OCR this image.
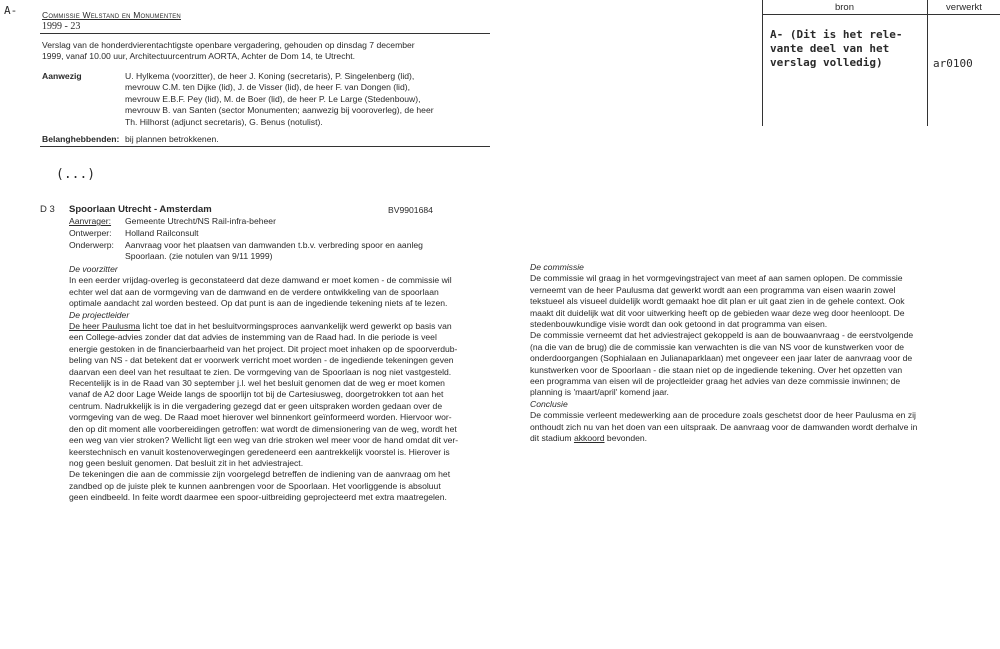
A-	Commissie Welstand en Monumenten
1999 - 23
Verslag van de honderdvierentachtigste openbare vergadering, gehouden op dinsdag 7 december
1999, vanaf 10.00 uur, Architectuurcentrum AORTA, Achter de Dom 14, te Utrecht.
Aanwezig	U. Hylkema (voorzitter), de heer J. Koning (secretaris), P. Singelenberg (lid),
mevrouw C.M. ten Dijke (lid), J. de Visser (lid), de heer F. van Dongen (lid),
mevrouw E.B.F. Pey (lid), M. de Boer (lid), de heer P. Le Large (Stedenbouw),
mevrouw B. van Santen (sector Monumenten; aanwezig bij vooroverleg), de heer
Th. Hilhorst (adjunct secretaris), G. Benus (notulist).
Belanghebbenden: bij plannen betrokkenen.
(...)
bron	verwerkt
A- (Dit is het rele-
vante deel van het
verslag volledig)	ar0100
D 3 Spoorlaan Utrecht - Amsterdam	BV9901684
Aanvrager: Gemeente Utrecht/NS Rail-infra-beheer
Ontwerper: Holland Railconsult
Onderwerp: Aanvraag voor het plaatsen van damwanden t.b.v. verbreding spoor en aanleg
Spoorlaan. (zie notulen van 9/11 1999)
De voorzitter
In een eerder vrijdag-overleg is geconstateerd dat deze damwand er moet komen - de commissie wil
echter wel dat aan de vormgeving van de damwand en de verdere ontwikkeling van de spoorlaan
optimale aandacht zal worden besteed. Op dat punt is aan de ingediende tekening niets af te lezen.
De projectleider
De heer Paulusma licht toe dat in het besluitvormingsproces aanvankelijk werd gewerkt op basis van
een College-advies zonder dat dat advies de instemming van de Raad had. In die periode is veel
energie gestoken in de financierbaarheid van het project. Dit project moet inhaken op de spoorverdub-
beling van NS - dat betekent dat er voorwerk verricht moet worden - de ingediende tekeningen geven
daarvan een deel van het resultaat te zien. De vormgeving van de Spoorlaan is nog niet vastgesteld.
Recentelijk is in de Raad van 30 september j.l. wel het besluit genomen dat de weg er moet komen
vanaf de A2 door Lage Weide langs de spoorlijn tot bij de Cartesiusweg, doorgetrokken tot aan het
centrum. Nadrukkelijk is in die vergadering gezegd dat er geen uitspraken worden gedaan over de
vormgeving van de weg. De Raad moet hierover wel binnenkort geïnformeerd worden. Hiervoor wor-
den op dit moment alle voorbereidingen getroffen: wat wordt de dimensionering van de weg, wordt het
een weg van vier stroken? Wellicht ligt een weg van drie stroken wel meer voor de hand omdat dit ver-
keerstechnisch en vanuit kostenoverwegingen geredeneerd een aantrekkelijk voorstel is. Hierover is
nog geen besluit genomen. Dat besluit zit in het adviestraject.
De tekeningen die aan de commissie zijn voorgelegd betreffen de indiening van de aanvraag om het
zandbed op de juiste plek te kunnen aanbrengen voor de Spoorlaan. Het voorliggende is absoluut
geen eindbeeld. In feite wordt daarmee een spoor-uitbreiding geprojecteerd met extra maatregelen.
De commissie
De commissie wil graag in het vormgevingstraject van meet af aan samen oplopen. De commissie
verneemt van de heer Paulusma dat gewerkt wordt aan een programma van eisen waarin zowel
tekstueel als visueel duidelijk wordt gemaakt hoe dit plan er uit gaat zien in de gehele context. Ook
maakt dit duidelijk wat dit voor uitwerking heeft op de gebieden waar deze weg door heenloopt. De
stedenbouwkundige visie wordt dan ook getoond in dat programma van eisen.
De commissie verneemt dat het adviestraject gekoppeld is aan de bouwaanvraag - de eerstvolgende
(na die van de brug) die de commissie kan verwachten is die van NS voor de kunstwerken voor de
onderdoorgangen (Sophialaan en Julianaparklaan) met ongeveer een jaar later de aanvraag voor de
kunstwerken voor de Spoorlaan - die staan niet op de ingediende tekening. Over het opzetten van
een programma van eisen wil de projectleider graag het advies van deze commissie inwinnen; de
planning is 'maart/april' komend jaar.
Conclusie
De commissie verleent medewerking aan de procedure zoals geschetst door de heer Paulusma en zij
onthoudt zich nu van het doen van een uitspraak. De aanvraag voor de damwanden wordt derhalve in
dit stadium akkoord bevonden.
